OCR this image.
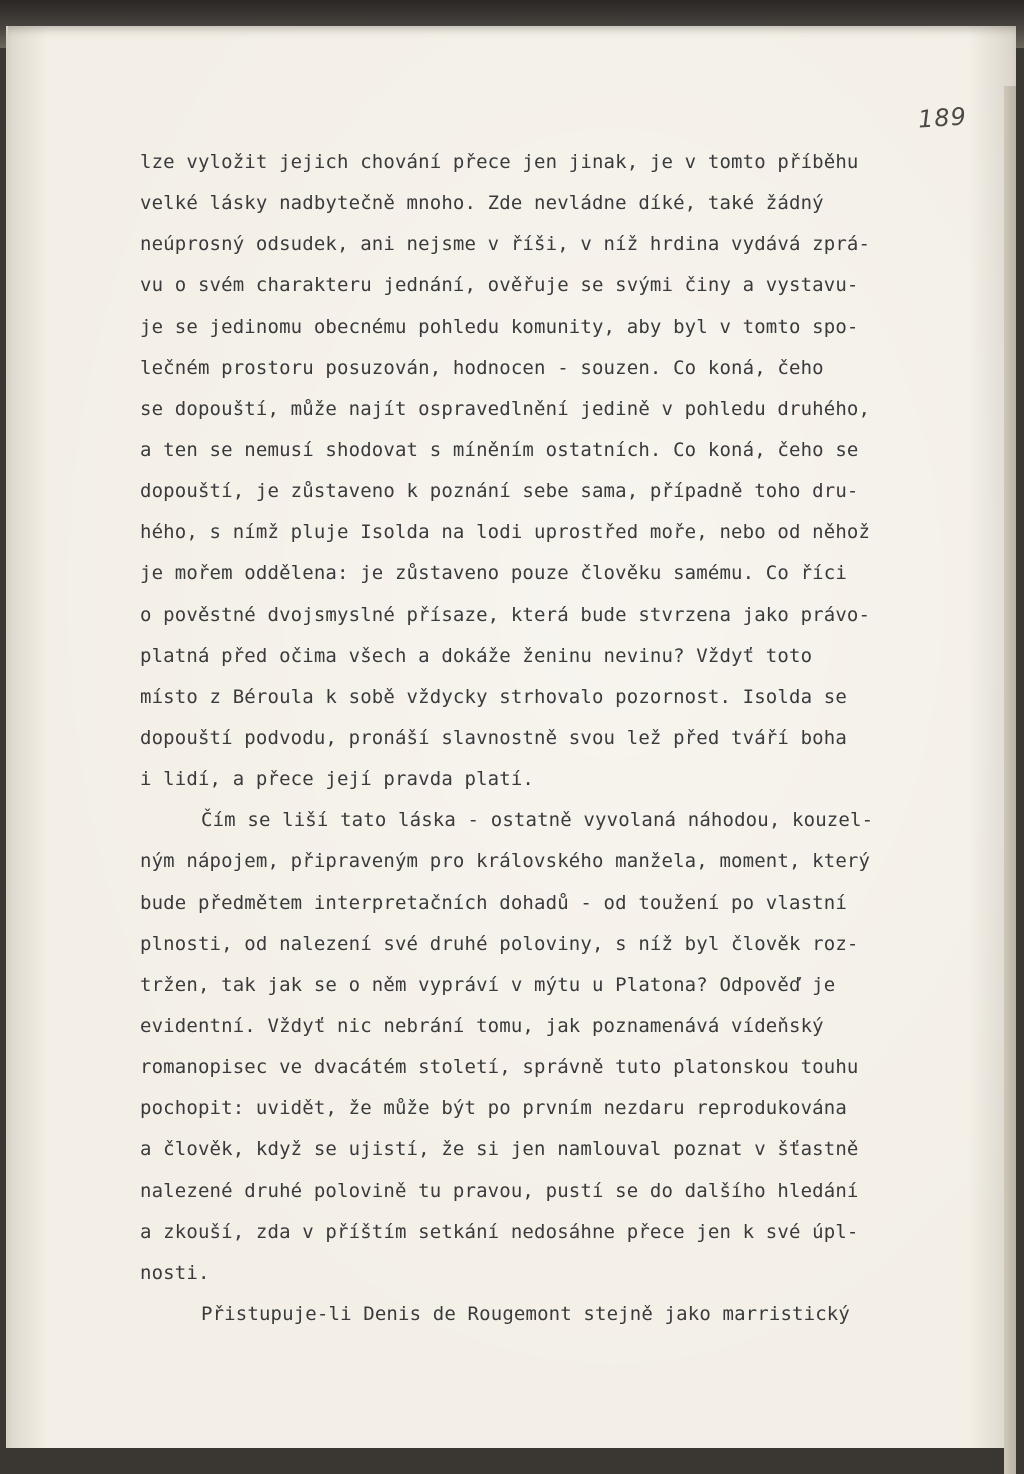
189
lze vyložit jejich chování přece jen jinak, je v tomto příběhu
velké lásky nadbytečně mnoho. Zde nevládne díké, také žádný
neúprosný odsudek, ani nejsme v říši, v níž hrdina vydává zprá-
vu o svém charakteru jednání, ověřuje se svými činy a vystavu-
je se jedinomu obecnému pohledu komunity, aby byl v tomto spo-
lečném prostoru posuzován, hodnocen - souzen. Co koná, čeho
se dopouští, může najít ospravedlnění jedině v pohledu druhého,
a ten se nemusí shodovat s míněním ostatních. Co koná, čeho se
dopouští, je zůstaveno k poznání sebe sama, případně toho dru-
hého, s nímž pluje Isolda na lodi uprostřed moře, nebo od něhož
je mořem oddělena: je zůstaveno pouze člověku samému. Co říci
o pověstné dvojsmyslné přísaze, která bude stvrzena jako právo-
platná před očima všech a dokáže ženinu nevinu? Vždyť toto
místo z Béroula k sobě vždycky strhovalo pozornost. Isolda se
dopouští podvodu, pronáší slavnostně svou lež před tváří boha
i lidí, a přece její pravda platí.
Čím se liší tato láska - ostatně vyvolaná náhodou, kouzel-
ným nápojem, připraveným pro královského manžela, moment, který
bude předmětem interpretačních dohadů - od toužení po vlastní
plnosti, od nalezení své druhé poloviny, s níž byl člověk roz-
tržen, tak jak se o něm vypráví v mýtu u Platona? Odpověď je
evidentní. Vždyť nic nebrání tomu, jak poznamenává vídeňský
romanopisec ve dvacátém století, správně tuto platonskou touhu
pochopit: uvidět, že může být po prvním nezdaru reprodukována
a člověk, když se ujistí, že si jen namlouval poznat v šťastně
nalezené druhé polovině tu pravou, pustí se do dalšího hledání
a zkouší, zda v příštím setkání nedosáhne přece jen k své úpl-
nosti.
Přistupuje-li Denis de Rougemont stejně jako marristický
